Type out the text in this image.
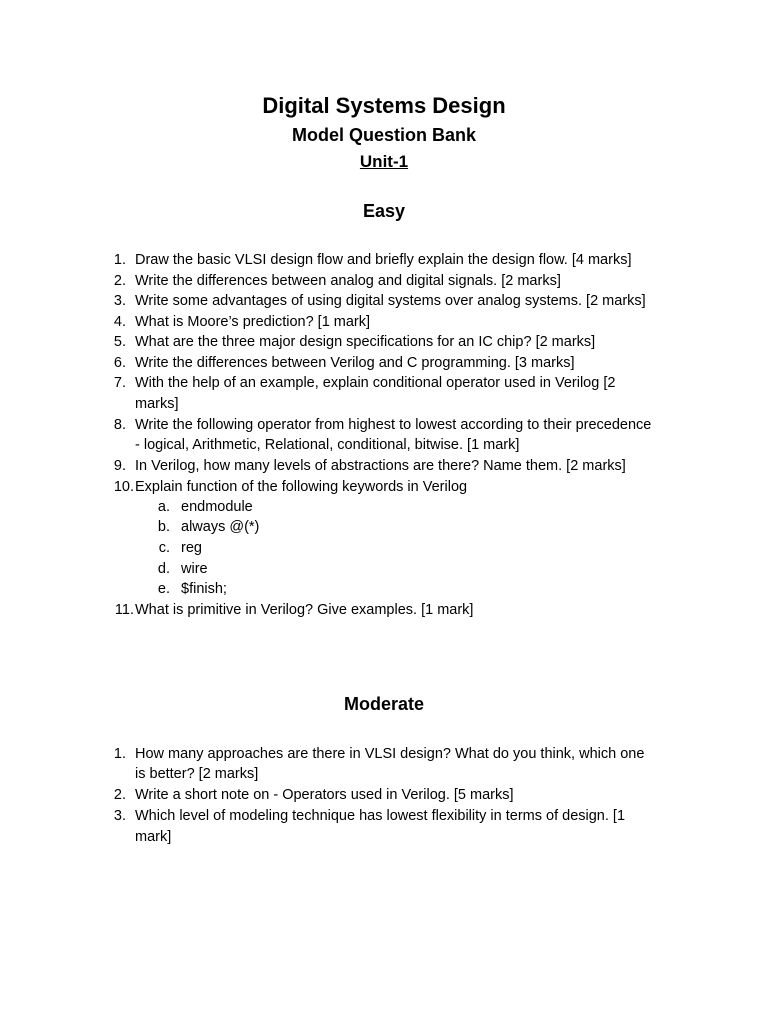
Digital Systems Design
Model Question Bank
Unit-1
Easy
1. Draw the basic VLSI design flow and briefly explain the design flow. [4 marks]
2. Write the differences between analog and digital signals. [2 marks]
3. Write some advantages of using digital systems over analog systems. [2 marks]
4. What is Moore’s prediction? [1 mark]
5. What are the three major design specifications for an IC chip? [2 marks]
6. Write the differences between Verilog and C programming. [3 marks]
7. With the help of an example, explain conditional operator used in Verilog [2
marks]
8. Write the following operator from highest to lowest according to their precedence
- logical, Arithmetic, Relational, conditional, bitwise. [1 mark]
9. In Verilog, how many levels of abstractions are there? Name them. [2 marks]
10. Explain function of the following keywords in Verilog
a. endmodule
b. always @(*)
c. reg
d. wire
e. $finish;
11. What is primitive in Verilog? Give examples. [1 mark]
Moderate
1. How many approaches are there in VLSI design? What do you think, which one
is better? [2 marks]
2. Write a short note on - Operators used in Verilog. [5 marks]
3. Which level of modeling technique has lowest flexibility in terms of design. [1
mark]
